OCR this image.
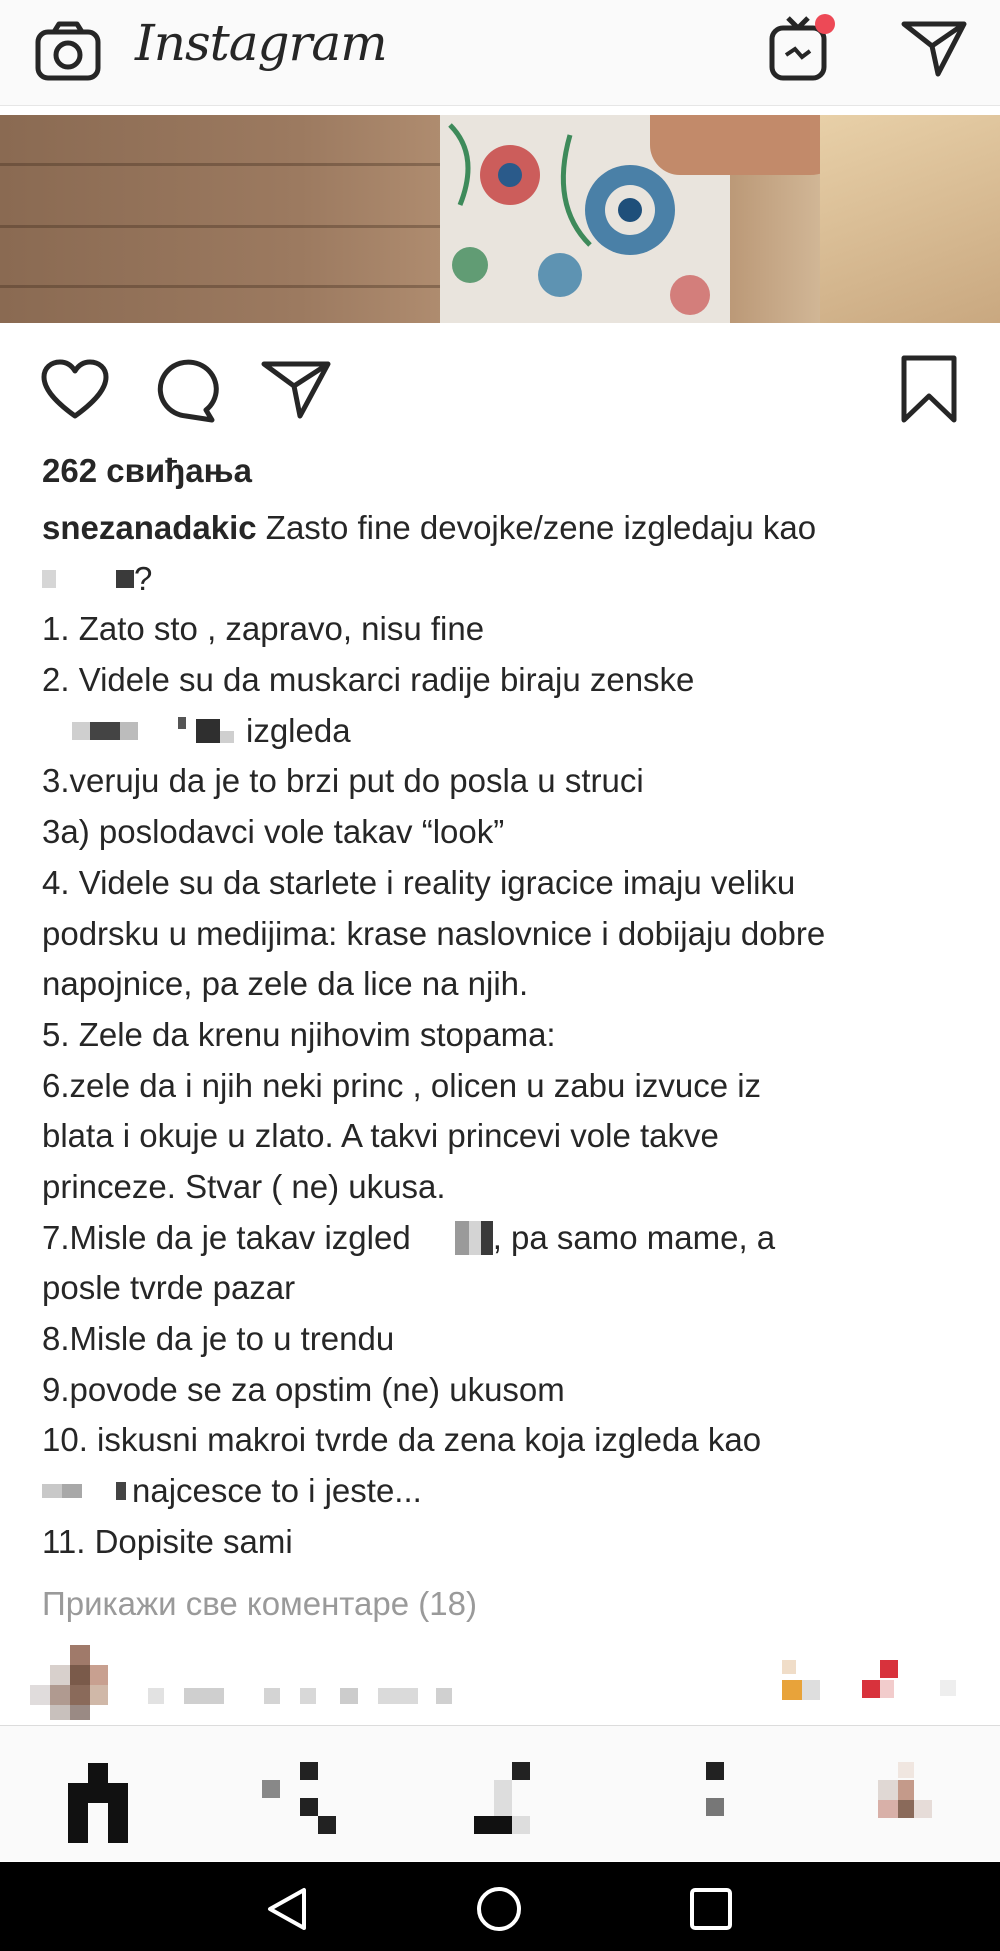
Instagram
262 свиђања
snezanadakic Zasto fine devojke/zene izgledaju kao
?
1. Zato sto , zapravo, nisu fine
2. Videle su da muskarci radije biraju zenske
izgleda
3.veruju da je to brzi put do posla u struci
3a) poslodavci vole takav “look”
4. Videle su da starlete i reality igracice imaju veliku
podrsku u medijima: krase naslovnice i dobijaju dobre
napojnice, pa zele da lice na njih.
5. Zele da krenu njihovim stopama:
6.zele da i njih neki princ , olicen u zabu izvuce iz
blata i okuje u zlato. A takvi princevi vole takve
princeze. Stvar ( ne) ukusa.
7.Misle da je takav izgled , pa samo mame, a
posle tvrde pazar
8.Misle da je to u trendu
9.povode se za opstim (ne) ukusom
10. iskusni makroi tvrde da zena koja izgleda kao
najcesce to i jeste...
11. Dopisite sami
Прикажи све коментаре (18)
